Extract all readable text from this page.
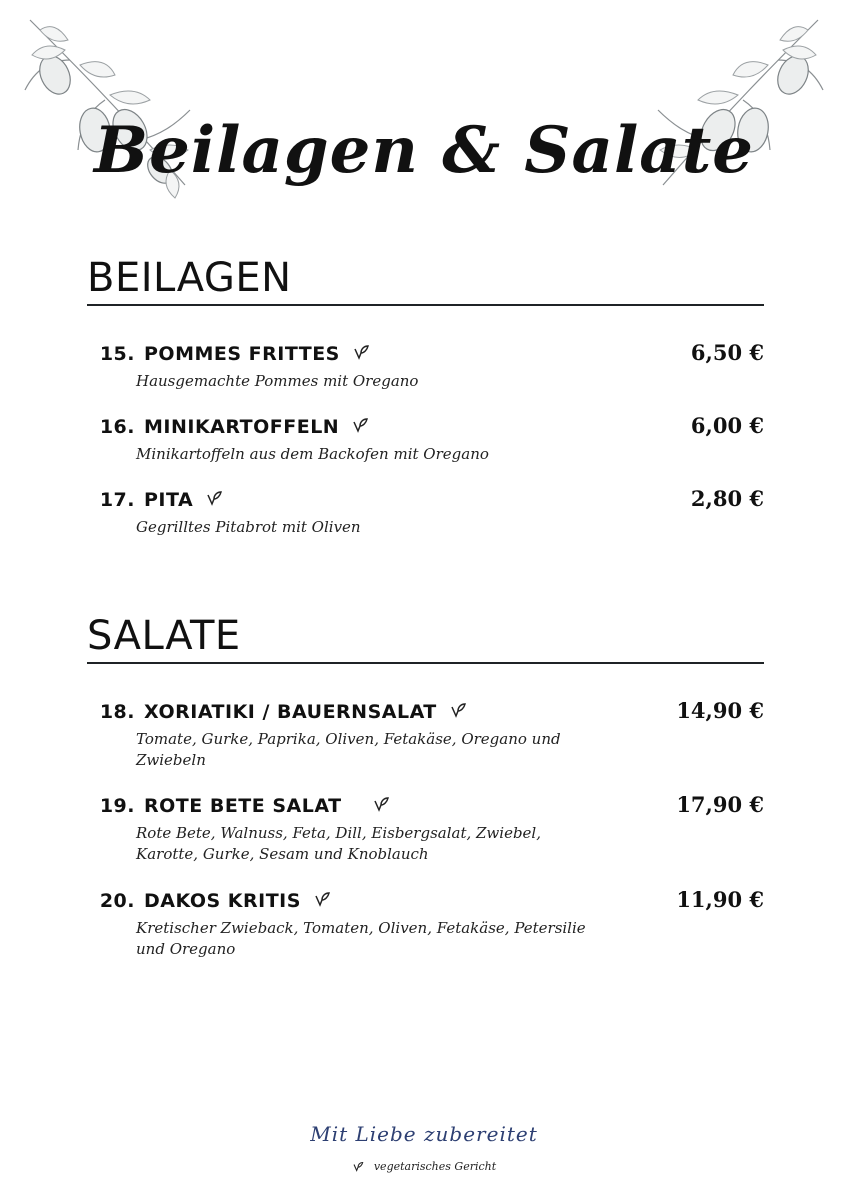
Beilagen & Salate
BEILAGEN
15. POMMES FRITTES	6,50 €
Hausgemachte Pommes mit Oregano
16. MINIKARTOFFELN	6,00 €
Minikartoffeln aus dem Backofen mit Oregano
17. PITA	2,80 €
Gegrilltes Pitabrot mit Oliven
SALATE
18. XORIATIKI / BAUERNSALAT	14,90 €
Tomate, Gurke, Paprika, Oliven, Fetakäse, Oregano und Zwiebeln
19. ROTE BETE SALAT	17,90 €
Rote Bete, Walnuss, Feta, Dill, Eisbergsalat, Zwiebel, Karotte, Gurke, Sesam und Knoblauch
20. DAKOS KRITIS	11,90 €
Kretischer Zwieback, Tomaten, Oliven, Fetakäse, Petersilie und Oregano
Mit Liebe zubereitet
vegetarisches Gericht
